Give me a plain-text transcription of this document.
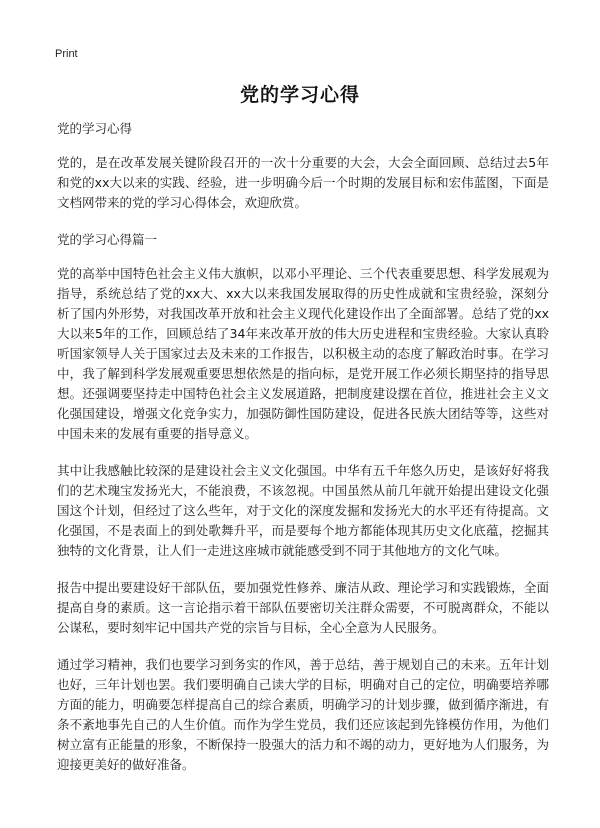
Print
党的学习心得

党的学习心得

党的，是在改革发展关键阶段召开的一次十分重要的大会，大会全面回顾、总结过去5年和党的xx大以来的实践、经验，进一步明确今后一个时期的发展目标和宏伟蓝图，下面是文档网带来的党的学习心得体会，欢迎欣赏。

党的学习心得篇一

党的高举中国特色社会主义伟大旗帜，以邓小平理论、三个代表重要思想、科学发展观为指导，系统总结了党的xx大、xx大以来我国发展取得的历史性成就和宝贵经验，深刻分析了国内外形势，对我国改革开放和社会主义现代化建设作出了全面部署。总结了党的xx大以来5年的工作，回顾总结了34年来改革开放的伟大历史进程和宝贵经验。大家认真聆听国家领导人关于国家过去及未来的工作报告，以积极主动的态度了解政治时事。在学习中，我了解到科学发展观重要思想依然是的指向标，是党开展工作必须长期坚持的指导思想。还强调要坚持走中国特色社会主义发展道路，把制度建设摆在首位，推进社会主义文化强国建设，增强文化竞争实力，加强防御性国防建设，促进各民族大团结等等，这些对中国未来的发展有重要的指导意义。

其中让我感触比较深的是建设社会主义文化强国。中华有五千年悠久历史，是该好好将我们的艺术瑰宝发扬光大，不能浪费，不该忽视。中国虽然从前几年就开始提出建设文化强国这个计划，但经过了这么些年，对于文化的深度发掘和发扬光大的水平还有待提高。文化强国，不是表面上的到处歌舞升平，而是要每个地方都能体现其历史文化底蕴，挖掘其独特的文化背景，让人们一走进这座城市就能感受到不同于其他地方的文化气味。

报告中提出要建设好干部队伍，要加强党性修养、廉洁从政、理论学习和实践锻炼，全面提高自身的素质。这一言论指示着干部队伍要密切关注群众需要，不可脱离群众，不能以公谋私，要时刻牢记中国共产党的宗旨与目标，全心全意为人民服务。

通过学习精神，我们也要学习到务实的作风，善于总结，善于规划自己的未来。五年计划也好，三年计划也罢。我们要明确自己读大学的目标，明确对自己的定位，明确要培养哪方面的能力，明确要怎样提高自己的综合素质，明确学习的计划步骤，做到循序渐进，有条不紊地事先自己的人生价值。而作为学生党员，我们还应该起到先锋模仿作用，为他们树立富有正能量的形象，不断保持一股强大的活力和不竭的动力，更好地为人们服务，为迎接更美好的做好准备。
